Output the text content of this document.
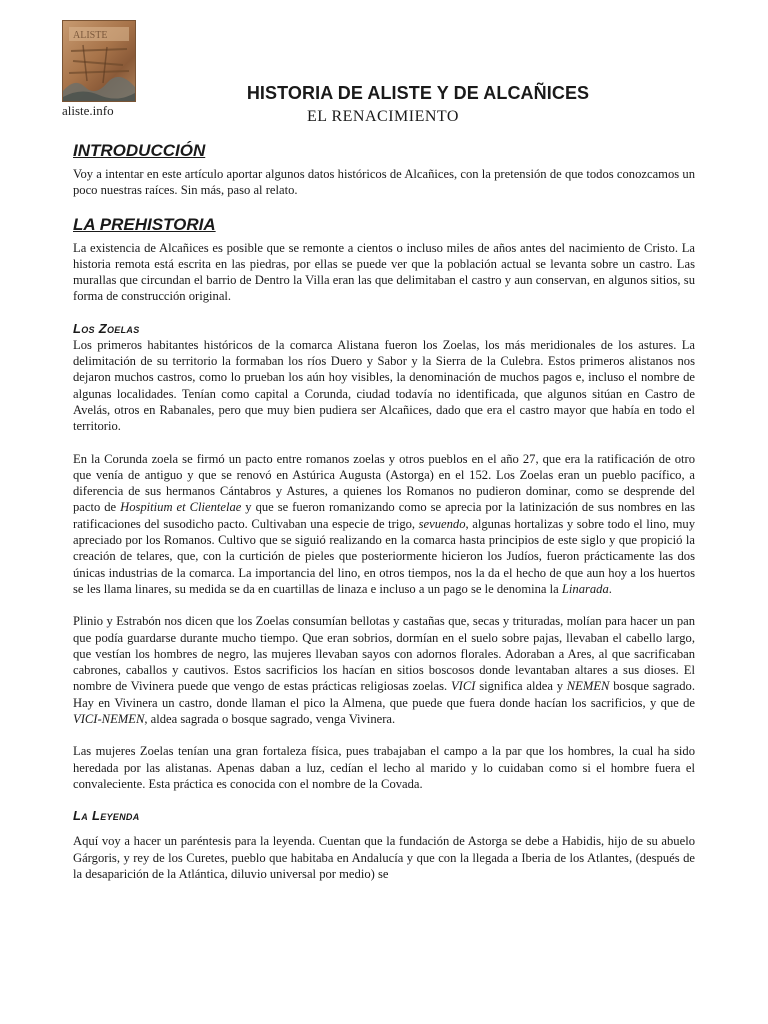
ALISTE
aliste.info
HISTORIA DE ALISTE Y DE ALCAÑICES
EL RENACIMIENTO
INTRODUCCIÓN

Voy a intentar en este artículo aportar algunos datos históricos de Alcañices, con la pretensión de que todos conozcamos un poco nuestras raíces. Sin más, paso al relato.

LA PREHISTORIA

La existencia de Alcañices es posible que se remonte a cientos o incluso miles de años antes del nacimiento de Cristo. La historia remota está escrita en las piedras, por ellas se puede ver que la población actual se levanta sobre un castro. Las murallas que circundan el barrio de Dentro la Villa eran las que delimitaban el castro y aun conservan, en algunos sitios, su forma de construcción original.

Los Zoelas

Los primeros habitantes históricos de la comarca Alistana fueron los Zoelas, los más meridionales de los astures. La delimitación de su territorio la formaban los ríos Duero y Sabor y la Sierra de la Culebra. Estos primeros alistanos nos dejaron muchos castros, como lo prueban los aún hoy visibles, la denominación de muchos pagos e, incluso el nombre de algunas localidades. Tenían como capital a Corunda, ciudad todavía no identificada, que algunos sitúan en Castro de Avelás, otros en Rabanales, pero que muy bien pudiera ser Alcañices, dado que era el castro mayor que había en todo el territorio.

En la Corunda zoela se firmó un pacto entre romanos zoelas y otros pueblos en el año 27, que era la ratificación de otro que venía de antiguo y que se renovó en Astúrica Augusta (Astorga) en el 152. Los Zoelas eran un pueblo pacífico, a diferencia de sus hermanos Cántabros y Astures, a quienes los Romanos no pudieron dominar, como se desprende del pacto de Hospitium et Clientelae y que se fueron romanizando como se aprecia por la latinización de sus nombres en las ratificaciones del susodicho pacto. Cultivaban una especie de trigo, sevuendo, algunas hortalizas y sobre todo el lino, muy apreciado por los Romanos. Cultivo que se siguió realizando en la comarca hasta principios de este siglo y que propició la creación de telares, que, con la curtición de pieles que posteriormente hicieron los Judíos, fueron prácticamente las dos únicas industrias de la comarca. La importancia del lino, en otros tiempos, nos la da el hecho de que aun hoy a los huertos se les llama linares, su medida se da en cuartillas de linaza e incluso a un pago se le denomina la Linarada.

Plinio y Estrabón nos dicen que los Zoelas consumían bellotas y castañas que, secas y trituradas, molían para hacer un pan que podía guardarse durante mucho tiempo. Que eran sobrios, dormían en el suelo sobre pajas, llevaban el cabello largo, que vestían los hombres de negro, las mujeres llevaban sayos con adornos florales. Adoraban a Ares, al que sacrificaban cabrones, caballos y cautivos. Estos sacrificios los hacían en sitios boscosos donde levantaban altares a sus dioses. El nombre de Vivinera puede que vengo de estas prácticas religiosas zoelas. VICI significa aldea y NEMEN bosque sagrado. Hay en Vivinera un castro, donde llaman el pico la Almena, que puede que fuera donde hacían los sacrificios, y que de VICI-NEMEN, aldea sagrada o bosque sagrado, venga Vivinera.

Las mujeres Zoelas tenían una gran fortaleza física, pues trabajaban el campo a la par que los hombres, la cual ha sido heredada por las alistanas. Apenas daban a luz, cedían el lecho al marido y lo cuidaban como si el hombre fuera el convaleciente. Esta práctica es conocida con el nombre de la Covada.

La Leyenda

Aquí voy a hacer un paréntesis para la leyenda. Cuentan que la fundación de Astorga se debe a Habidis, hijo de su abuelo Gárgoris, y rey de los Curetes, pueblo que habitaba en Andalucía y que con la llegada a Iberia de los Atlantes, (después de la desaparición de la Atlántica, diluvio universal por medio) se
